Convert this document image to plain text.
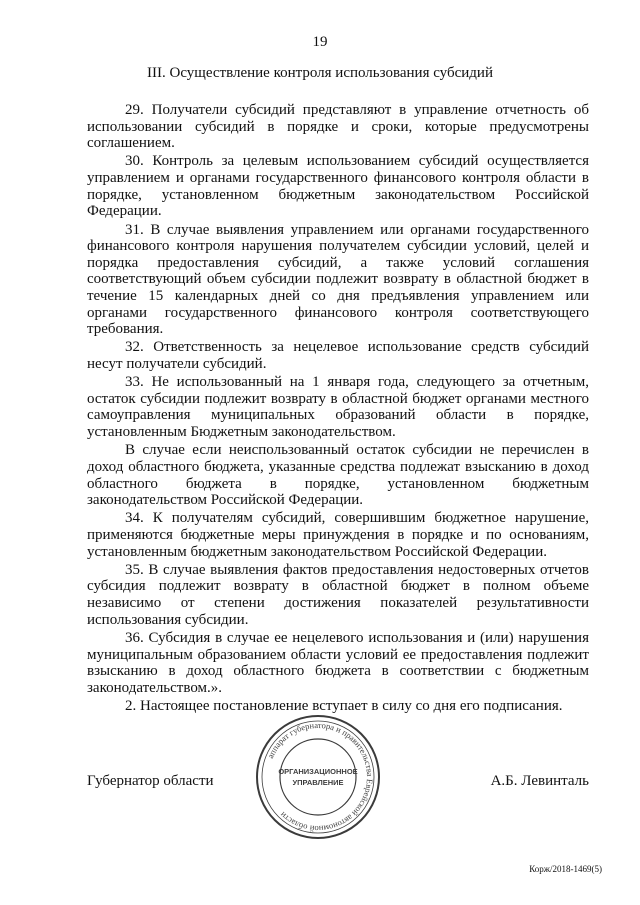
19
III. Осуществление контроля использования субсидий

29. Получатели субсидий представляют в управление отчетность об использовании субсидий в порядке и сроки, которые предусмотрены соглашением.

30. Контроль за целевым использованием субсидий осуществляется управлением и органами государственного финансового контроля области в порядке, установленном бюджетным законодательством Российской Федерации.

31. В случае выявления управлением или органами государственного финансового контроля нарушения получателем субсидии условий, целей и порядка предоставления субсидий, а также условий соглашения соответствующий объем субсидии подлежит возврату в областной бюджет в течение 15 календарных дней со дня предъявления управлением или органами государственного финансового контроля соответствующего требования.

32. Ответственность за нецелевое использование средств субсидий несут получатели субсидий.

33. Не использованный на 1 января года, следующего за отчетным, остаток субсидии подлежит возврату в областной бюджет органами местного самоуправления муниципальных образований области в порядке, установленным Бюджетным законодательством.

В случае если неиспользованный остаток субсидии не перечислен в доход областного бюджета, указанные средства подлежат взысканию в доход областного бюджета в порядке, установленном бюджетным законодательством Российской Федерации.

34. К получателям субсидий, совершившим бюджетное нарушение, применяются бюджетные меры принуждения в порядке и по основаниям, установленным бюджетным законодательством Российской Федерации.

35. В случае выявления фактов предоставления недостоверных отчетов субсидия подлежит возврату в областной бюджет в полном объеме независимо от степени достижения показателей результативности использования субсидии.

36. Субсидия в случае ее нецелевого использования и (или) нарушения муниципальным образованием области условий ее предоставления подлежит взысканию в доход областного бюджета в соответствии с бюджетным законодательством.».

2. Настоящее постановление вступает в силу со дня его подписания.

аппарат губернатора и правительства Еврейской автономной области
ОРГАНИЗАЦИОННОЕ
УПРАВЛЕНИЕ
Губернатор области	А.Б. Левинталь
Корж/2018-1469(5)
